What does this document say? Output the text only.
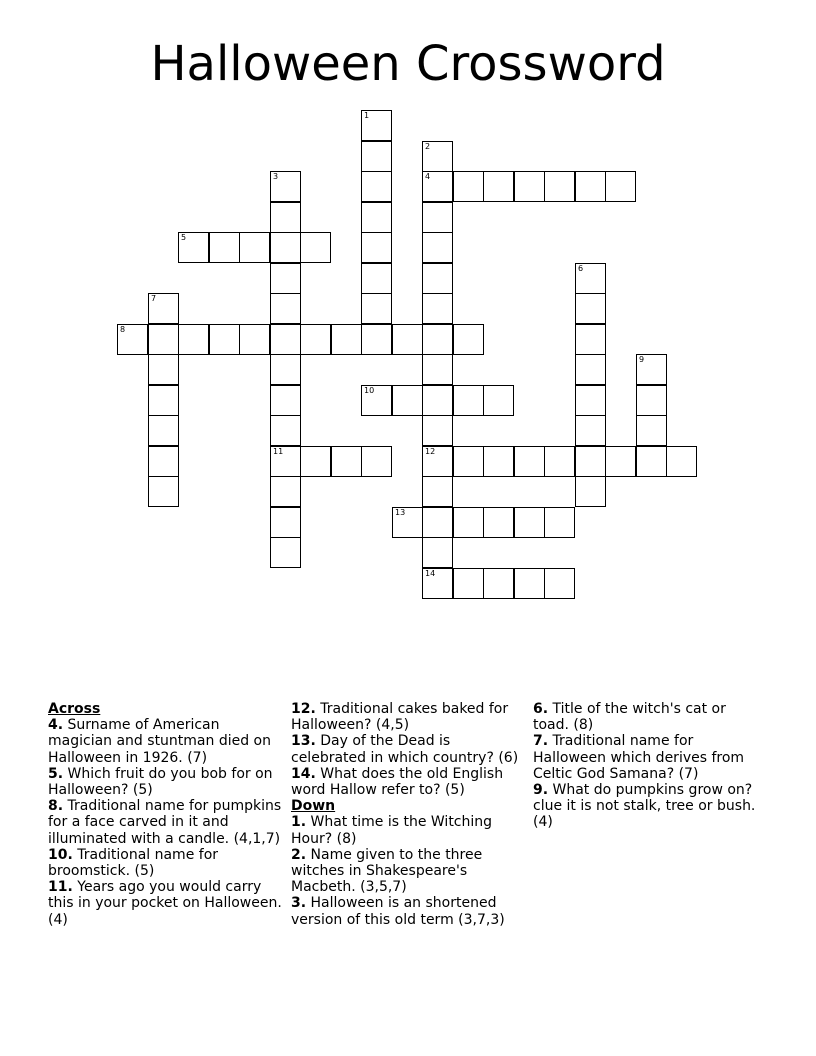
Halloween Crossword
1
2
4
12
14
3
11
5
6
7
8
9
10
13

Across

4. Surname of American magician and stuntman died on Halloween in 1926. (7)

5. Which fruit do you bob for on Halloween? (5)

8. Traditional name for pumpkins for a face carved in it and illuminated with a candle. (4,1,7)

10. Traditional name for broomstick. (5)

11. Years ago you would carry this in your pocket on Halloween. (4)

12. Traditional cakes baked for Halloween? (4,5)

13. Day of the Dead is celebrated in which country? (6)

14. What does the old English word Hallow refer to? (5)

Down

1. What time is the Witching Hour? (8)

2. Name given to the three witches in Shakespeare's Macbeth. (3,5,7)

3. Halloween is an shortened version of this old term (3,7,3)

6. Title of the witch's cat or toad. (8)

7. Traditional name for Halloween which derives from Celtic God Samana? (7)

9. What do pumpkins grow on? clue it is not stalk, tree or bush. (4)
